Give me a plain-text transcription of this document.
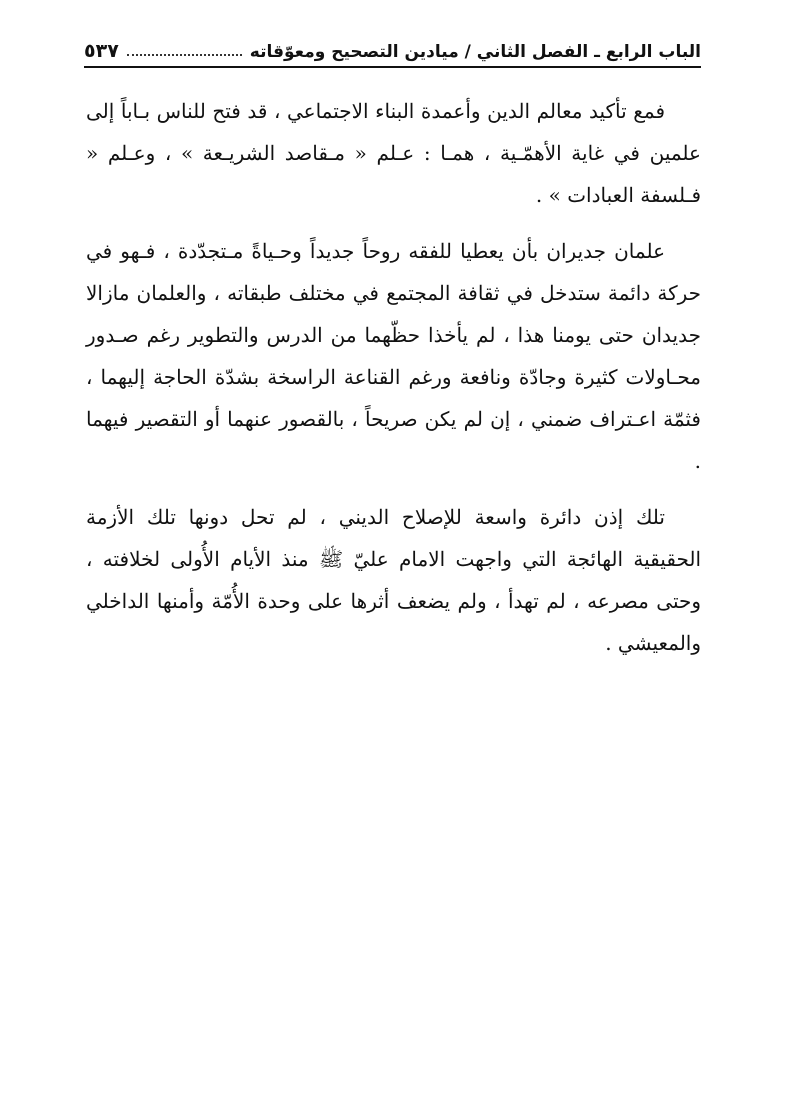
الباب الرابع ـ الفصل الثاني / ميادين التصحيح ومعوّقاته
٥٣٧

فمع تأكيد معالم الدين وأعمدة البناء الاجتماعي ، قد فتح للناس بـاباً إلى علمين في غاية الأهمّـية ، همـا : عـلم « مـقاصد الشريـعة » ، وعـلم « فـلسفة العبادات » .

علمان جديران بأن يعطيا للفقه روحاً جديداً وحـياةً مـتجدّدة ، فـهو في حركة دائمة ستدخل في ثقافة المجتمع في مختلف طبقاته ، والعلمان مازالا جديدان حتى يومنا هذا ، لم يأخذا حظّهما من الدرس والتطوير رغم صـدور محـاولات كثيرة وجادّة ونافعة ورغم القناعة الراسخة بشدّة الحاجة إليهما ، فثمّة اعـتراف ضمني ، إن لم يكن صريحاً ، بالقصور عنهما أو التقصير فيهما .

تلك إذن دائرة واسعة للإصلاح الديني ، لم تحل دونها تلك الأزمة الحقيقية الهائجة التي واجهت الامام عليّ ﷺ منذ الأيام الأُولى لخلافته ، وحتى مصرعه ، لم تهدأ ، ولم يضعف أثرها على وحدة الأُمّة وأمنها الداخلي والمعيشي .
